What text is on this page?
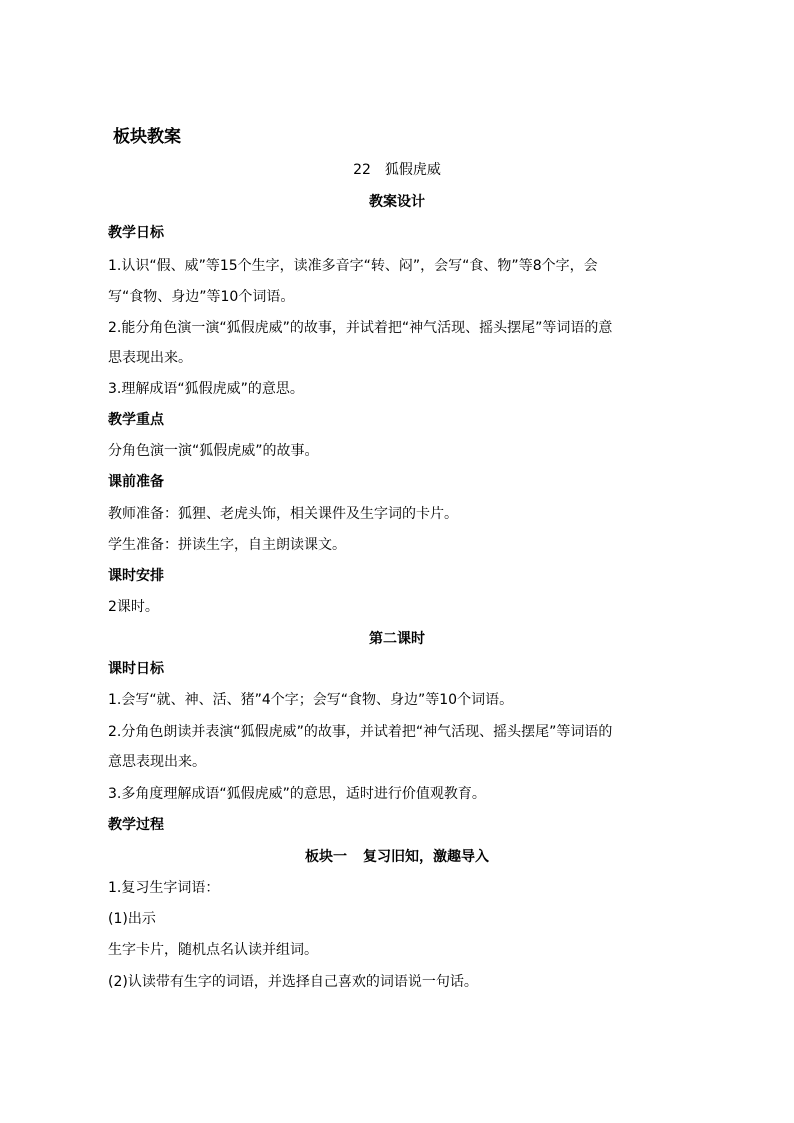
板块教案
22 狐假虎威
教案设计
教学日标
1.认识“假、威”等15个生字，读准多音字“转、闷”，会写“食、物”等8个字，会
写“食物、身边”等10个词语。
2.能分角色演一演“狐假虎威”的故事，并试着把“神气活现、摇头摆尾”等词语的意
思表现出来。
3.理解成语“狐假虎威”的意思。
教学重点
分角色演一演“狐假虎威”的故事。
课前准备
教师准备：狐狸、老虎头饰，相关课件及生字词的卡片。
学生准备：拼读生字，自主朗读课文。
课时安排
2课时。
第二课时
课时日标
1.会写“就、神、活、猪”4个字；会写“食物、身边”等10个词语。
2.分角色朗读并表演“狐假虎威”的故事，并试着把“神气活现、摇头摆尾”等词语的
意思表现出来。
3.多角度理解成语“狐假虎威”的意思，适时进行价值观教育。
教学过程
板块一 复习旧知，激趣导入
1.复习生字词语：
(1)出示
生字卡片，随机点名认读并组词。
(2)认读带有生字的词语，并选择自己喜欢的词语说一句话。
